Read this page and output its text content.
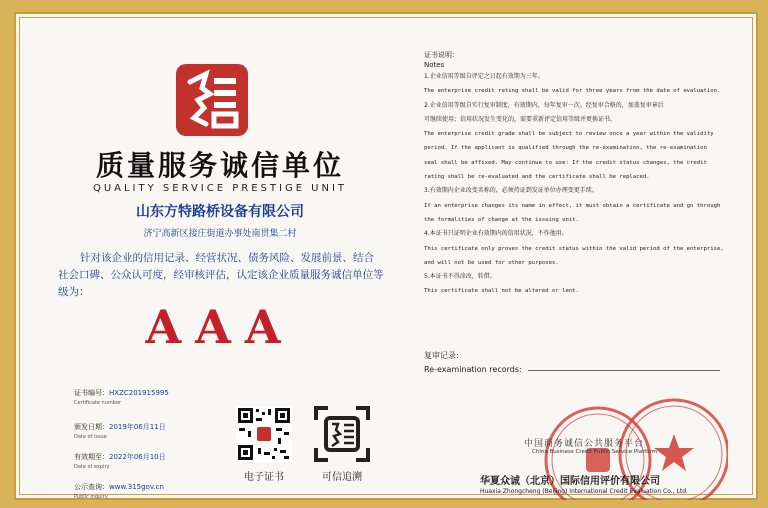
质量服务诚信单位
QUALITY SERVICE PRESTIGE UNIT
山东方特路桥设备有限公司
济宁高新区接庄街道办事处南贯集二村
针对该企业的信用记录、经营状况、债务风险、发展前景、结合社会口碑、公众认可度，经审核评估，认定该企业质量服务诚信单位等级为：
AAA
证书编号：HXZC201915995
Certificate number
颁发日期：2019年06月11日
Date of issue
有效期至：2022年06月10日
Date of expiry
公示查询：www.315gov.cn
Public inquiry
电子证书	可信追溯
证书说明：
Notes
1.企业信用等级自评定之日起有效期为三年。
The enterprise credit rating shall be valid for three years from the date of evaluation.
2.企业信用等级自实行复审制度，有效期内，每年复审一次。经复审合格的，加盖复审章后
可继续使用；信用状况发生变化的，需要重新评定信用等级并更换证书。
The enterprise credit grade shall be subject to review once a year within the validity
period. If the applicant is qualified through the re-examination, the re-examination
seal shall be affixed. May continue to use: If the credit status changes, the credit
rating shall be re-evaluated and the certificate shall be replaced.
3.有效期内企业改变名称的，必须持证到发证单位办理变更手续。
If an enterprise changes its name in effect, it must obtain a certificate and go through
the formalities of change at the issuing unit.
4.本证书只证明企业有效期内的信用状况，不作他用。
This certificate only proves the credit status within the valid period of the enterprise,
and will not be used for other purposes.
5.本证书不得涂改，转借。
This certificate shall not be altered or lent.
复审记录:
Re-examination records:
中国商务诚信公共服务平台
China Business Credit Public Service Platform
华夏众诚（北京）国际信用评价有限公司
Huaxia Zhongcheng (Beijing) International Credit Evaluation Co., Ltd.
